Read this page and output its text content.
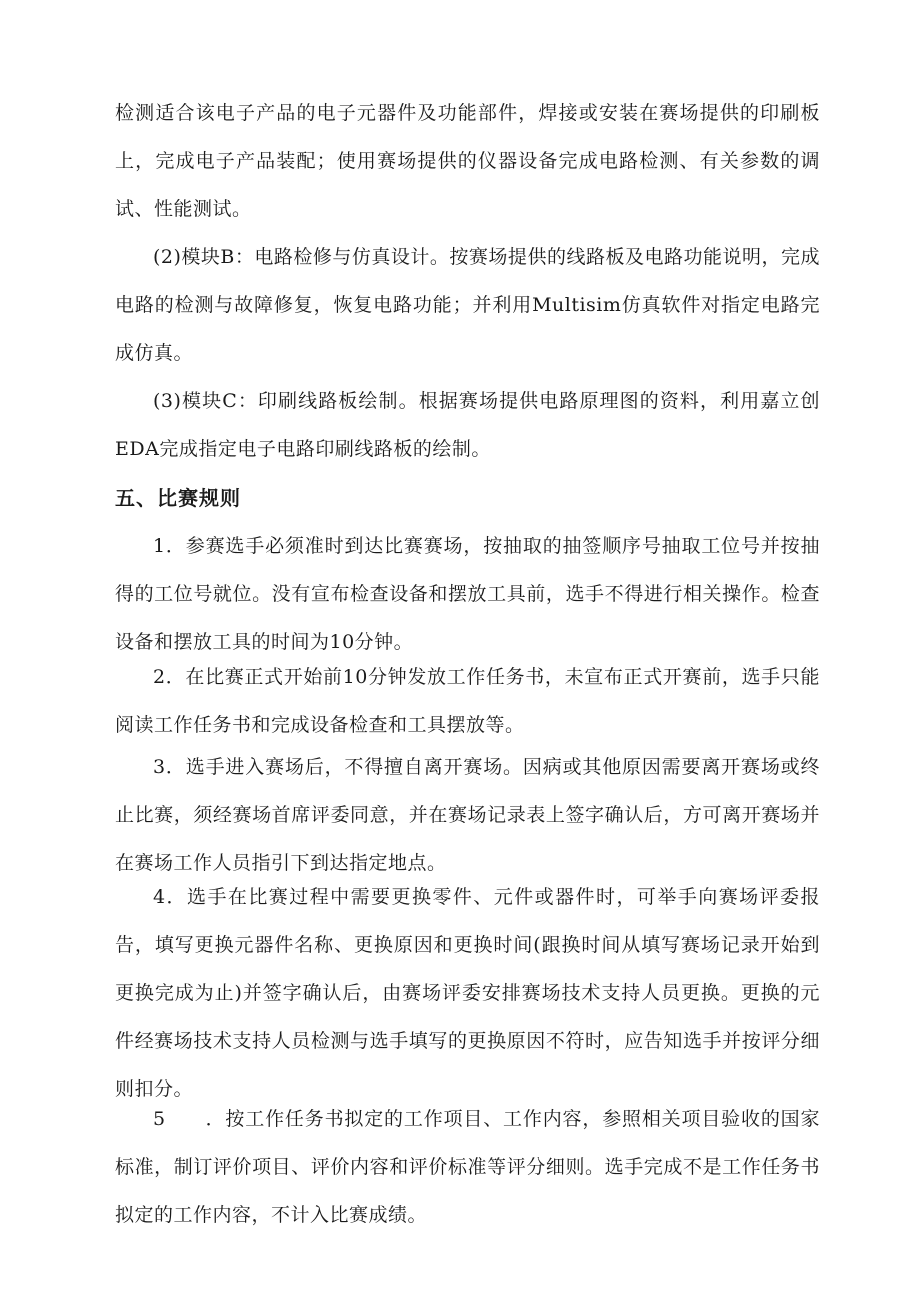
检测适合该电子产品的电子元器件及功能部件，焊接或安装在赛场提供的印刷板上，完成电子产品装配；使用赛场提供的仪器设备完成电路检测、有关参数的调试、性能测试。

(2)模块B：电路检修与仿真设计。按赛场提供的线路板及电路功能说明，完成电路的检测与故障修复，恢复电路功能；并利用Multisim仿真软件对指定电路完成仿真。

(3)模块C：印刷线路板绘制。根据赛场提供电路原理图的资料，利用嘉立创EDA完成指定电子电路印刷线路板的绘制。

五、比赛规则

1．参赛选手必须准时到达比赛赛场，按抽取的抽签顺序号抽取工位号并按抽得的工位号就位。没有宣布检查设备和摆放工具前，选手不得进行相关操作。检查设备和摆放工具的时间为10分钟。

2．在比赛正式开始前10分钟发放工作任务书，未宣布正式开赛前，选手只能阅读工作任务书和完成设备检查和工具摆放等。

3．选手进入赛场后，不得擅自离开赛场。因病或其他原因需要离开赛场或终止比赛，须经赛场首席评委同意，并在赛场记录表上签字确认后，方可离开赛场并在赛场工作人员指引下到达指定地点。

4．选手在比赛过程中需要更换零件、元件或器件时，可举手向赛场评委报告，填写更换元器件名称、更换原因和更换时间(跟换时间从填写赛场记录开始到更换完成为止)并签字确认后，由赛场评委安排赛场技术支持人员更换。更换的元件经赛场技术支持人员检测与选手填写的更换原因不符时，应告知选手并按评分细则扣分。

5　　．按工作任务书拟定的工作项目、工作内容，参照相关项目验收的国家标准，制订评价项目、评价内容和评价标准等评分细则。选手完成不是工作任务书拟定的工作内容，不计入比赛成绩。
